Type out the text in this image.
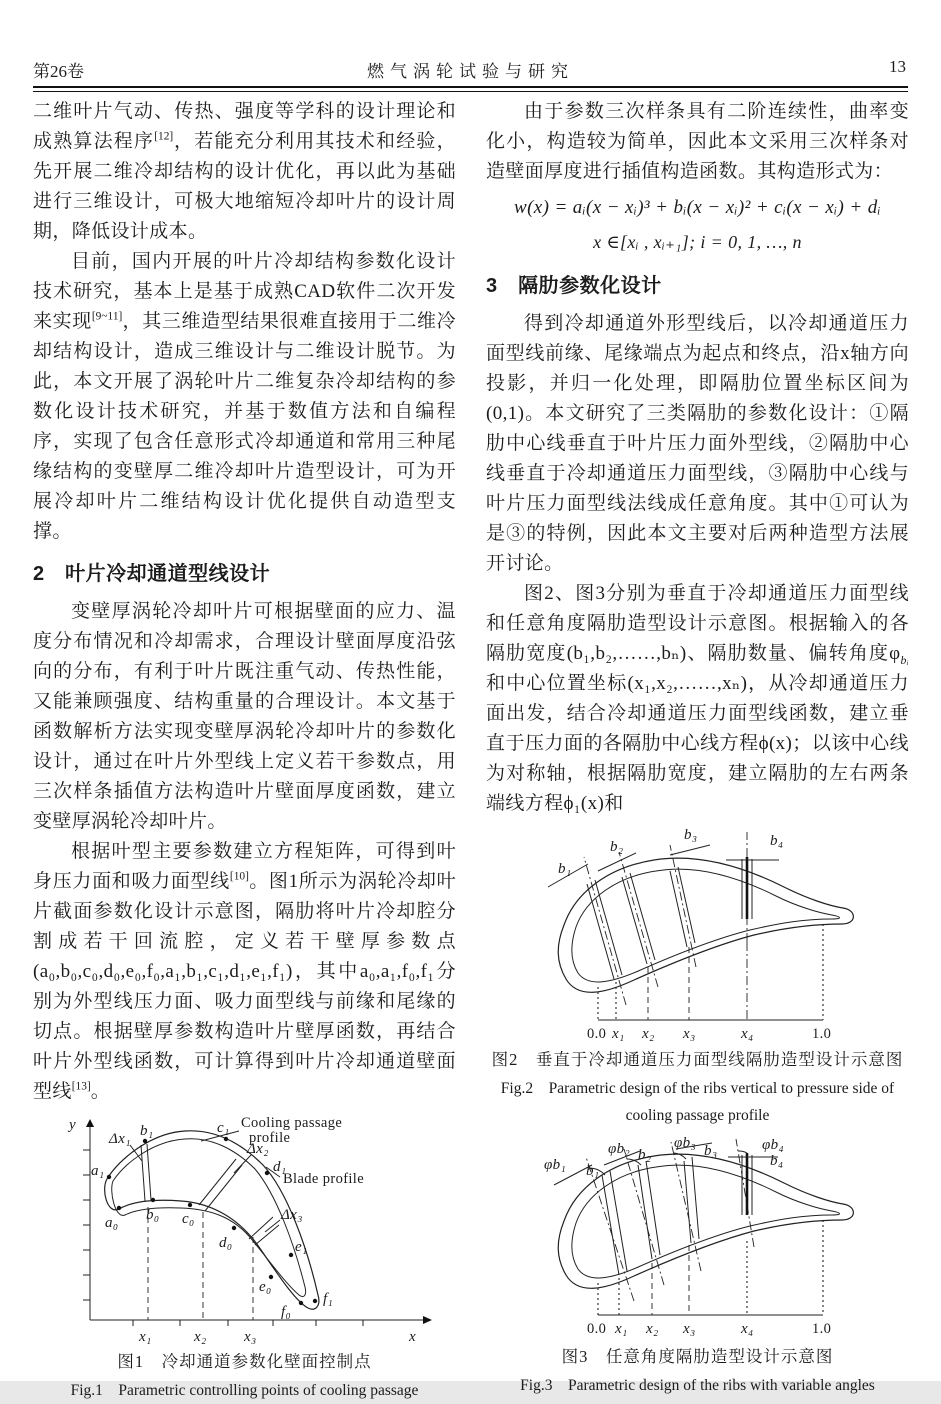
第26卷	燃气涡轮试验与研究	13

二维叶片气动、传热、强度等学科的设计理论和成熟算法程序[12]，若能充分利用其技术和经验，先开展二维冷却结构的设计优化，再以此为基础进行三维设计，可极大地缩短冷却叶片的设计周期，降低设计成本。

目前，国内开展的叶片冷却结构参数化设计技术研究，基本上是基于成熟CAD软件二次开发来实现[9~11]，其三维造型结果很难直接用于二维冷却结构设计，造成三维设计与二维设计脱节。为此，本文开展了涡轮叶片二维复杂冷却结构的参数化设计技术研究，并基于数值方法和自编程序，实现了包含任意形式冷却通道和常用三种尾缘结构的变壁厚二维冷却叶片造型设计，可为开展冷却叶片二维结构设计优化提供自动造型支撑。

2　叶片冷却通道型线设计

变壁厚涡轮冷却叶片可根据壁面的应力、温度分布情况和冷却需求，合理设计壁面厚度沿弦向的分布，有利于叶片既注重气动、传热性能，又能兼顾强度、结构重量的合理设计。本文基于函数解析方法实现变壁厚涡轮冷却叶片的参数化设计，通过在叶片外型线上定义若干参数点，用三次样条插值方法构造叶片壁面厚度函数，建立变壁厚涡轮冷却叶片。

根据叶型主要参数建立方程矩阵，可得到叶身压力面和吸力面型线[10]。图1所示为涡轮冷却叶片截面参数化设计示意图，隔肋将叶片冷却腔分割成若干回流腔，定义若干壁厚参数点(a₀,b₀,c₀,d₀,e₀,f₀,a₁,b₁,c₁,d₁,e₁,f₁)，其中a₀,a₁,f₀,f₁分别为外型线压力面、吸力面型线与前缘和尾缘的切点。根据壁厚参数构造叶片壁厚函数，再结合叶片外型线函数，可计算得到叶片冷却通道壁面型线[13]。

y
x
x₁	x₂ x₃
Δx₁ b₁	c₁
Δx₂
a₁	d₁
a₀ b₀ c₀	Δx₃
d₀	e₁
e₀
f₀
f₁
Cooling passage
profile
Blade profile
图1　冷却通道参数化壁面控制点
Fig.1　Parametric controlling points of cooling passage

由于参数三次样条具有二阶连续性，曲率变化小，构造较为简单，因此本文采用三次样条对造壁面厚度进行插值构造函数。其构造形式为：

w(x) = aᵢ(x − xᵢ)³ + bᵢ(x − xᵢ)² + cᵢ(x − xᵢ) + dᵢ
x ∈[xᵢ , xᵢ₊₁]; i = 0, 1, …, n
3　隔肋参数化设计

得到冷却通道外形型线后，以冷却通道压力面型线前缘、尾缘端点为起点和终点，沿x轴方向投影，并归一化处理，即隔肋位置坐标区间为(0,1)。本文研究了三类隔肋的参数化设计：①隔肋中心线垂直于叶片压力面外型线，②隔肋中心线垂直于冷却通道压力面型线，③隔肋中心线与叶片压力面型线法线成任意角度。其中①可认为是③的特例，因此本文主要对后两种造型方法展开讨论。

图2、图3分别为垂直于冷却通道压力面型线和任意角度隔肋造型设计示意图。根据输入的各隔肋宽度(b₁,b₂,……,bₙ)、隔肋数量、偏转角度$\varphi_{bᵢ}$和中心位置坐标(x₁,x₂,……,xₙ)，从冷却通道压力面出发，结合冷却通道压力面型线函数，建立垂直于压力面的各隔肋中心线方程ϕ(x)；以该中心线为对称轴，根据隔肋宽度，建立隔肋的左右两条端线方程ϕ₁(x)和

b₁
b₂
b₃	b₄
0.0 x₁ x₂ x₃	x₄	1.0
图2　垂直于冷却通道压力面型线隔肋造型设计示意图
Fig.2　Parametric design of the ribs vertical to pressure side of
cooling passage profile
φb₁ b₁
φb₂ b₂
φb₃ b₃	φb₄
b₄
0.0 x₁ x₂ x₃	x₄	1.0
图3　任意角度隔肋造型设计示意图
Fig.3　Parametric design of the ribs with variable angles
